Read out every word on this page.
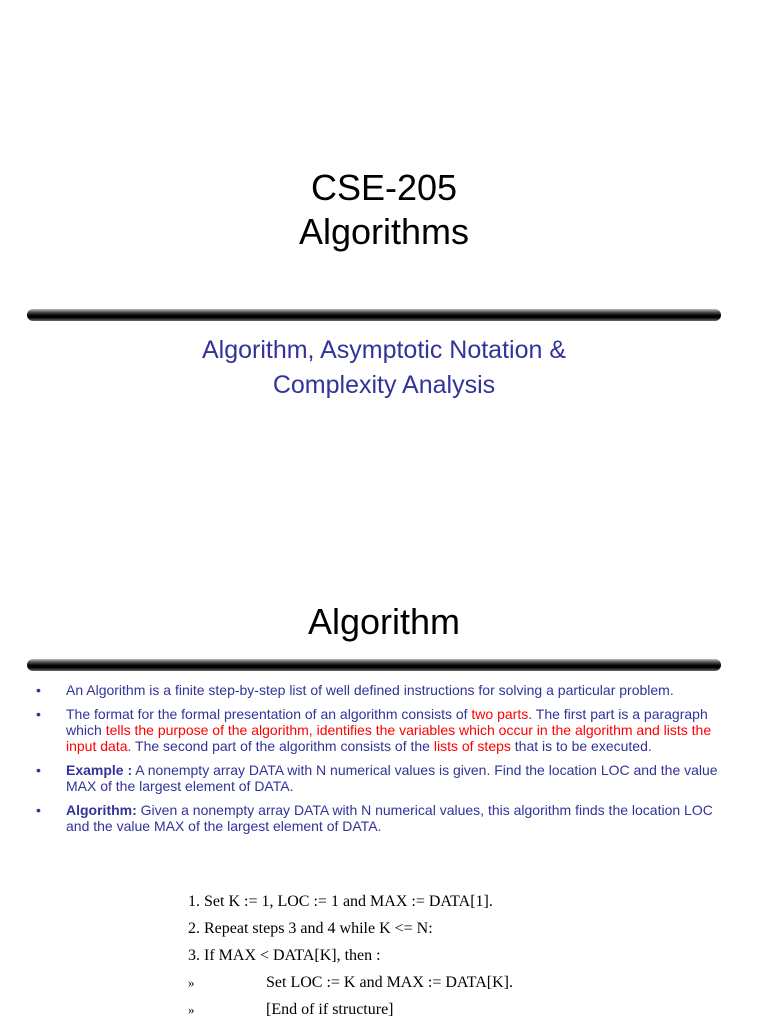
CSE-205
Algorithms
Algorithm, Asymptotic Notation &
Complexity Analysis
Algorithm
• An Algorithm is a finite step-by-step list of well defined instructions for solving a particular problem.
• The format for the formal presentation of an algorithm consists of two parts. The first part is a paragraph which tells the purpose of the algorithm, identifies the variables which occur in the algorithm and lists the input data. The second part of the algorithm consists of the lists of steps that is to be executed.
• Example : A nonempty array DATA with N numerical values is given. Find the location LOC and the value MAX of the largest element of DATA.
• Algorithm: Given a nonempty array DATA with N numerical values, this algorithm finds the location LOC and the value MAX of the largest element of DATA.
1. Set K := 1, LOC := 1 and MAX := DATA[1].
2. Repeat steps 3 and 4 while K <= N:
3. If MAX < DATA[K], then :
»	Set LOC := K and MAX := DATA[K].
»	[End of if structure]
